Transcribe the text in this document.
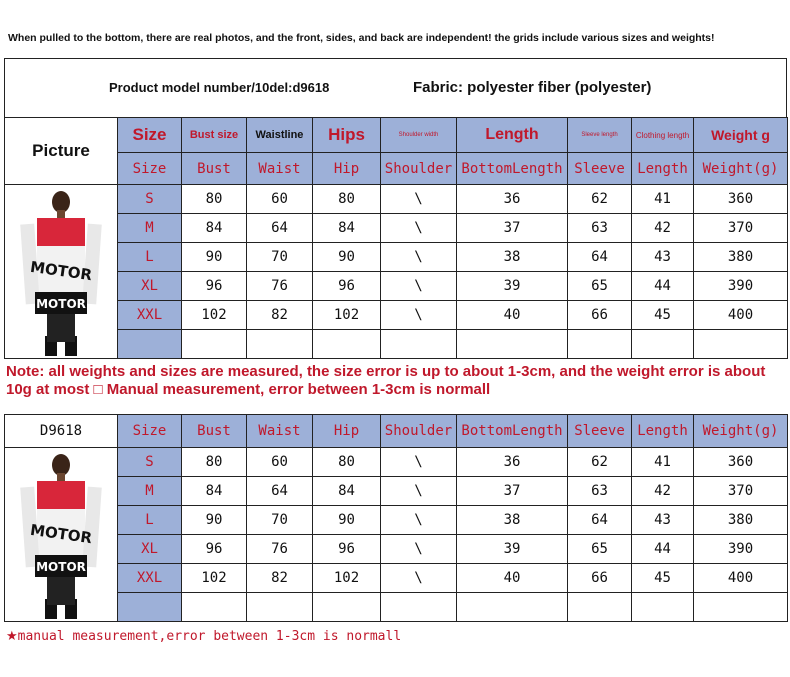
When pulled to the bottom, there are real photos, and the front, sides, and back are independent! the grids include various sizes and weights!
Product model number/10del:d9618	Fabric: polyester fiber (polyester)
Picture	Size	Bust size	Waistline	Hips	Shoulder width	Length	Sleeve length	Clothing length	Weight g
	Size	Bust	Waist	Hip	Shoulder	BottomLength	Sleeve	Length	Weight(g)

MOTOR
MOTOR	S	80	60	80	\	36	62	41	360
	M	84	64	84	\	37	63	42	370
	L	90	70	90	\	38	64	43	380
	XL	96	76	96	\	39	65	44	390
	XXL	102	82	102	\	40	66	45	400

D9618	Size	Bust	Waist	Hip	Shoulder	BottomLength	Sleeve	Length	Weight(g)

MOTOR
MOTOR	S	80	60	80	\	36	62	41	360
	M	84	64	84	\	37	63	42	370
	L	90	70	90	\	38	64	43	380
	XL	96	76	96	\	39	65	44	390
	XXL	102	82	102	\	40	66	45	400

Note: all weights and sizes are measured, the size error is up to about 1-3cm, and the weight error is about 10g at most □ Manual measurement, error between 1-3cm is normall
★manual measurement,error between 1-3cm is normall
